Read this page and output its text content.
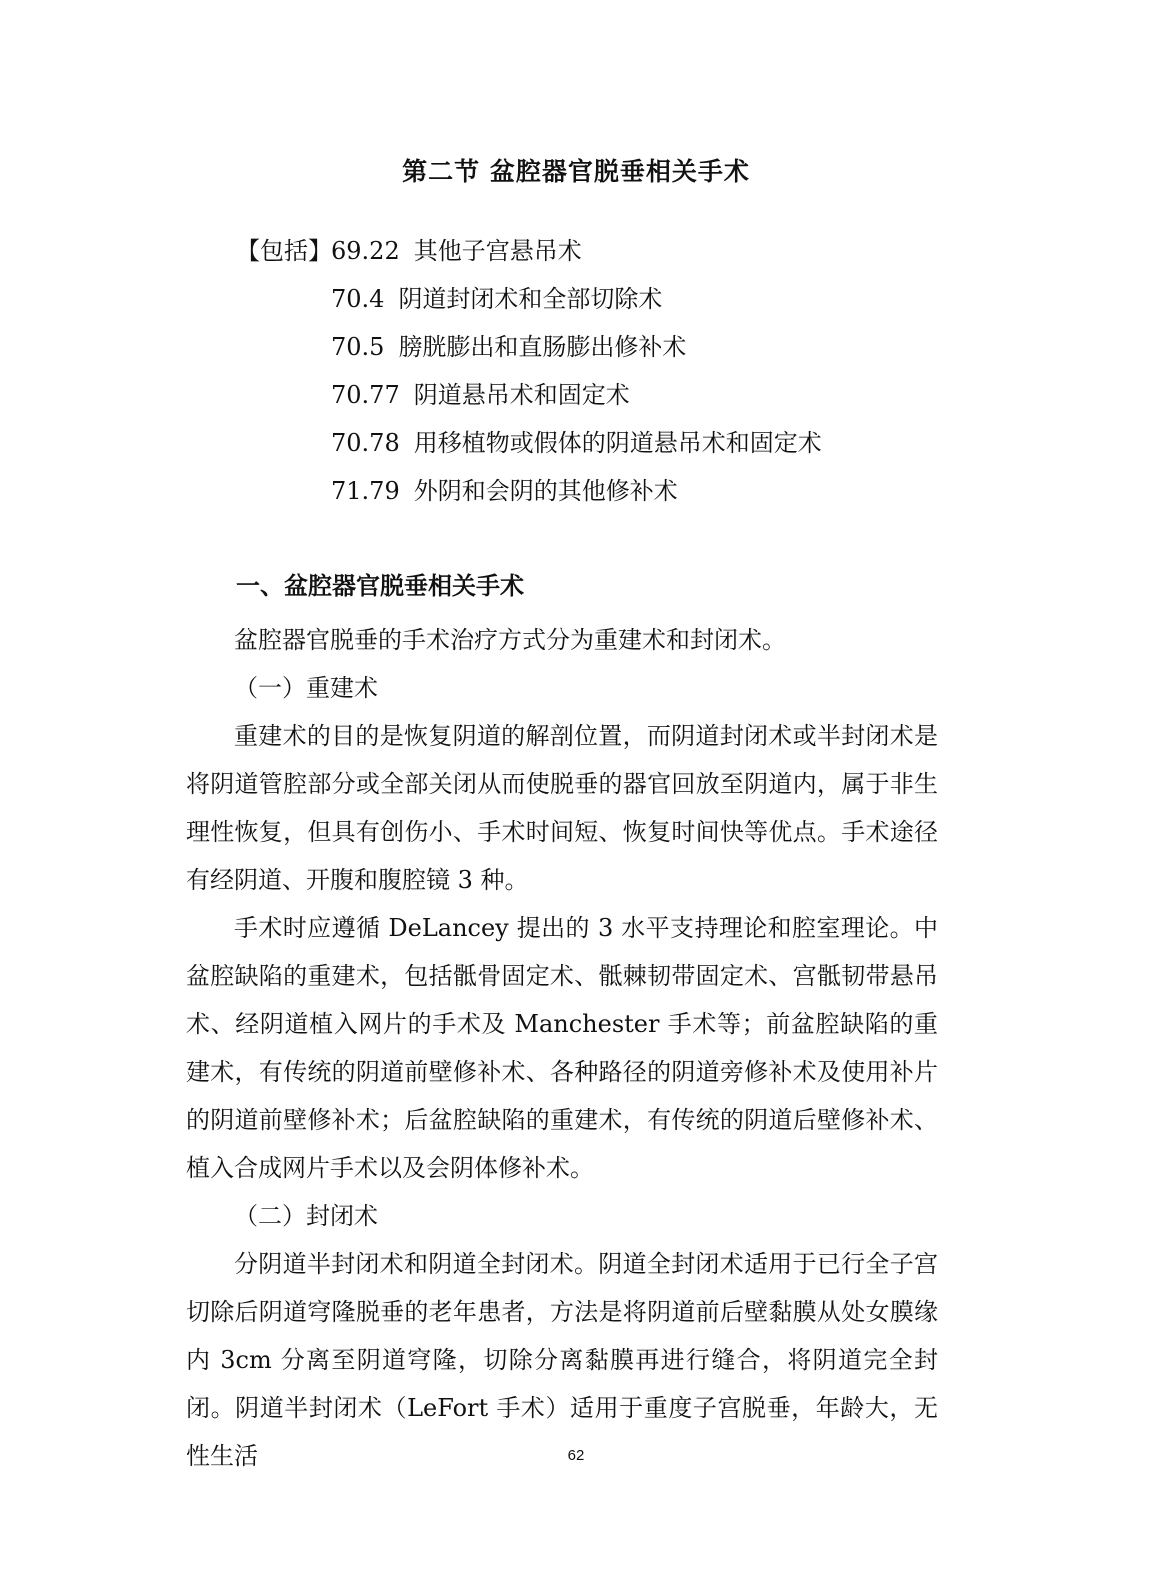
第二节 盆腔器官脱垂相关手术
【包括】69.22 其他子宫悬吊术
70.4 阴道封闭术和全部切除术
70.5 膀胱膨出和直肠膨出修补术
70.77 阴道悬吊术和固定术
70.78 用移植物或假体的阴道悬吊术和固定术
71.79 外阴和会阴的其他修补术
一、盆腔器官脱垂相关手术

盆腔器官脱垂的手术治疗方式分为重建术和封闭术。

（一）重建术

重建术的目的是恢复阴道的解剖位置，而阴道封闭术或半封闭术是将阴道管腔部分或全部关闭从而使脱垂的器官回放至阴道内，属于非生理性恢复，但具有创伤小、手术时间短、恢复时间快等优点。手术途径有经阴道、开腹和腹腔镜 3 种。

手术时应遵循 DeLancey 提出的 3 水平支持理论和腔室理论。中盆腔缺陷的重建术，包括骶骨固定术、骶棘韧带固定术、宫骶韧带悬吊术、经阴道植入网片的手术及 Manchester 手术等；前盆腔缺陷的重建术，有传统的阴道前壁修补术、各种路径的阴道旁修补术及使用补片的阴道前壁修补术；后盆腔缺陷的重建术，有传统的阴道后壁修补术、植入合成网片手术以及会阴体修补术。

（二）封闭术

分阴道半封闭术和阴道全封闭术。阴道全封闭术适用于已行全子宫切除后阴道穹隆脱垂的老年患者，方法是将阴道前后壁黏膜从处女膜缘内 3cm 分离至阴道穹隆，切除分离黏膜再进行缝合，将阴道完全封闭。阴道半封闭术（LeFort 手术）适用于重度子宫脱垂，年龄大，无性生活	62
